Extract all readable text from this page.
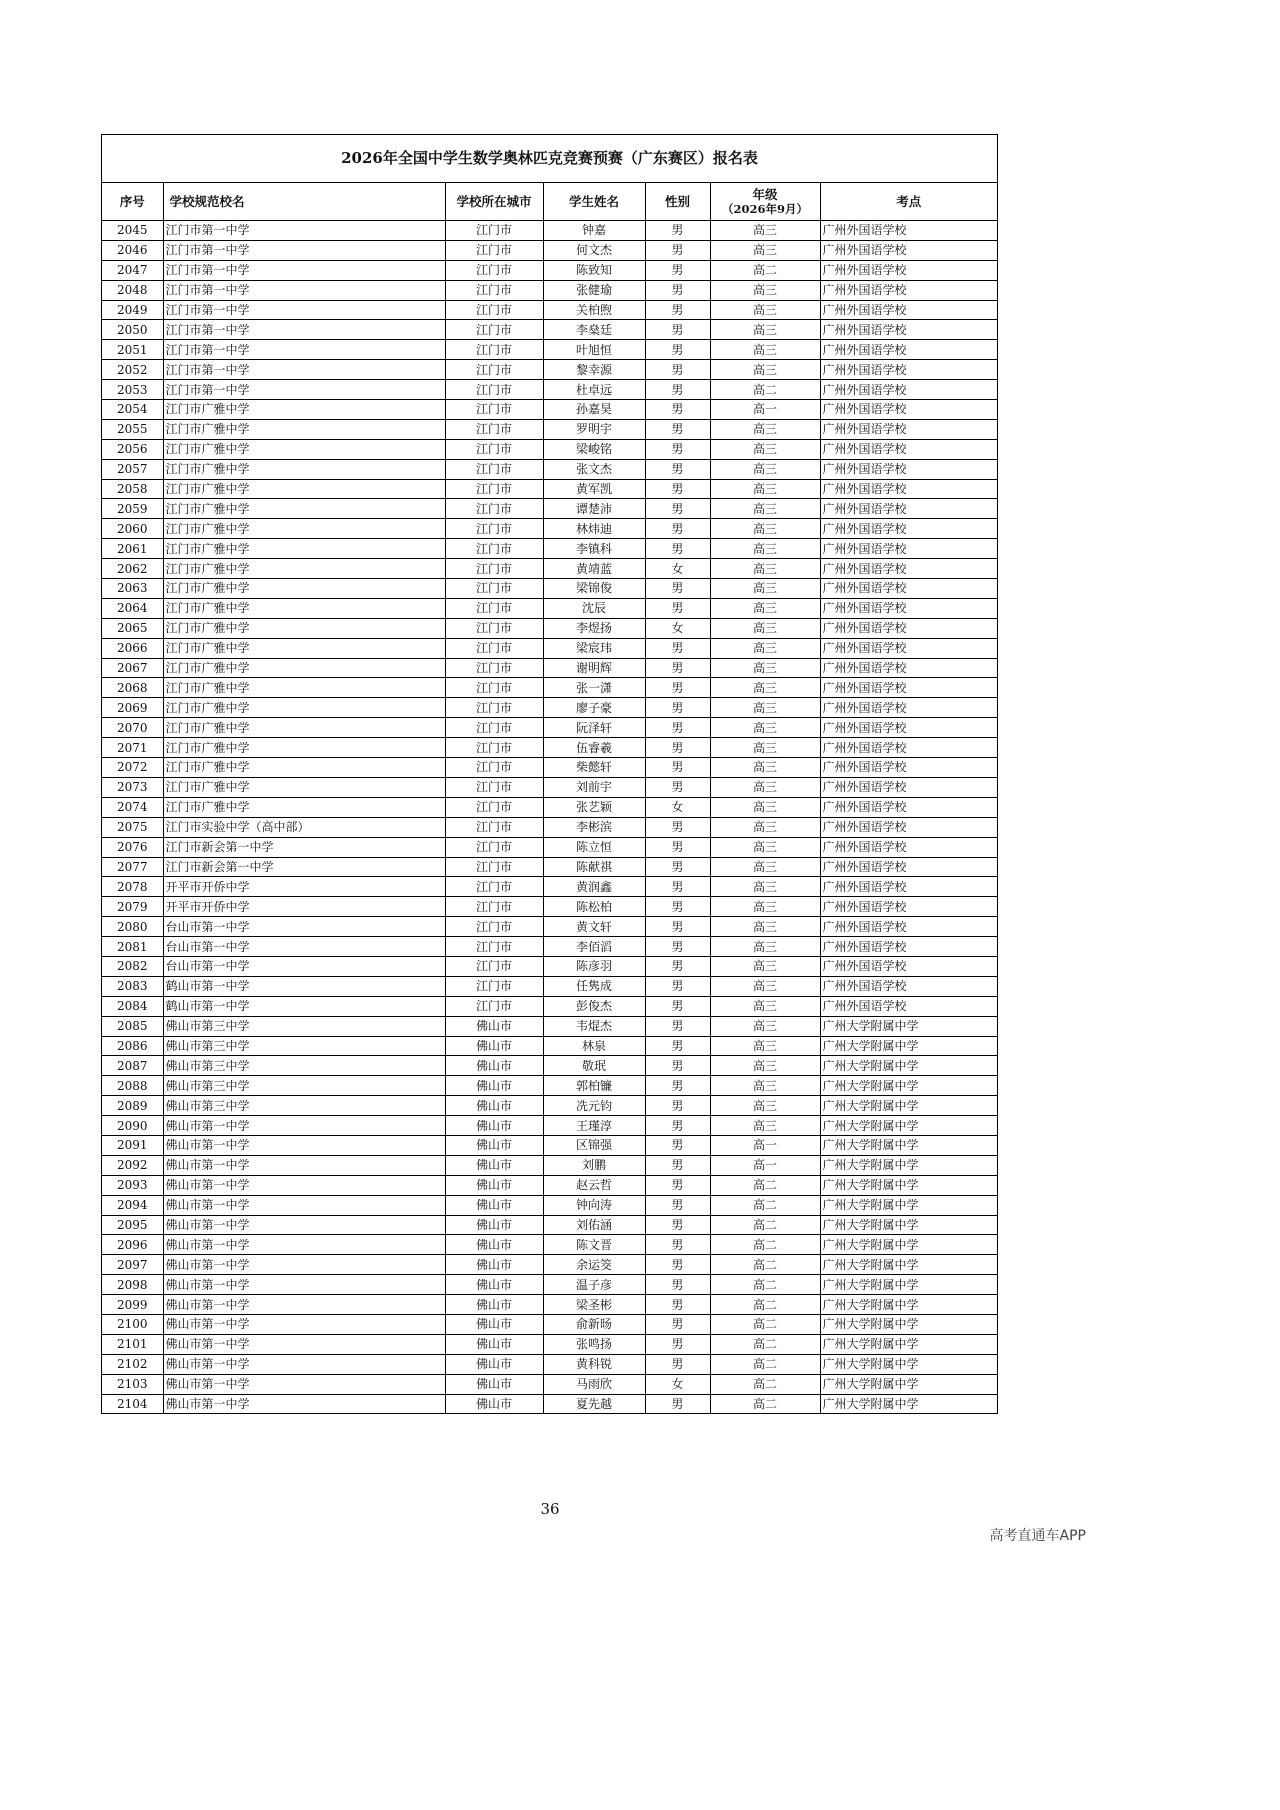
2026年全国中学生数学奥林匹克竞赛预赛（广东赛区）报名表
序号	学校规范校名	学校所在城市	学生姓名	性别	年级
（2026年9月）	考点
2045	江门市第一中学	江门市	钟嘉	男	高三	广州外国语学校
2046	江门市第一中学	江门市	何文杰	男	高三	广州外国语学校
2047	江门市第一中学	江门市	陈致知	男	高二	广州外国语学校
2048	江门市第一中学	江门市	张健瑜	男	高三	广州外国语学校
2049	江门市第一中学	江门市	关柏煦	男	高三	广州外国语学校
2050	江门市第一中学	江门市	李燊廷	男	高三	广州外国语学校
2051	江门市第一中学	江门市	叶旭恒	男	高三	广州外国语学校
2052	江门市第一中学	江门市	黎幸源	男	高三	广州外国语学校
2053	江门市第一中学	江门市	杜卓远	男	高二	广州外国语学校
2054	江门市广雅中学	江门市	孙嘉昊	男	高一	广州外国语学校
2055	江门市广雅中学	江门市	罗明宇	男	高三	广州外国语学校
2056	江门市广雅中学	江门市	梁峻铭	男	高三	广州外国语学校
2057	江门市广雅中学	江门市	张文杰	男	高三	广州外国语学校
2058	江门市广雅中学	江门市	黄军凯	男	高三	广州外国语学校
2059	江门市广雅中学	江门市	谭楚沛	男	高三	广州外国语学校
2060	江门市广雅中学	江门市	林炜迪	男	高三	广州外国语学校
2061	江门市广雅中学	江门市	李镇科	男	高三	广州外国语学校
2062	江门市广雅中学	江门市	黄靖蓝	女	高三	广州外国语学校
2063	江门市广雅中学	江门市	梁锦俊	男	高三	广州外国语学校
2064	江门市广雅中学	江门市	沈辰	男	高三	广州外国语学校
2065	江门市广雅中学	江门市	李煜扬	女	高三	广州外国语学校
2066	江门市广雅中学	江门市	梁宸玮	男	高三	广州外国语学校
2067	江门市广雅中学	江门市	谢明辉	男	高三	广州外国语学校
2068	江门市广雅中学	江门市	张一潇	男	高三	广州外国语学校
2069	江门市广雅中学	江门市	廖子豪	男	高三	广州外国语学校
2070	江门市广雅中学	江门市	阮泽轩	男	高三	广州外国语学校
2071	江门市广雅中学	江门市	伍睿羲	男	高三	广州外国语学校
2072	江门市广雅中学	江门市	柴懿轩	男	高三	广州外国语学校
2073	江门市广雅中学	江门市	刘前宇	男	高三	广州外国语学校
2074	江门市广雅中学	江门市	张艺颖	女	高三	广州外国语学校
2075	江门市实验中学（高中部）	江门市	李彬滨	男	高三	广州外国语学校
2076	江门市新会第一中学	江门市	陈立恒	男	高三	广州外国语学校
2077	江门市新会第一中学	江门市	陈献祺	男	高三	广州外国语学校
2078	开平市开侨中学	江门市	黄润鑫	男	高三	广州外国语学校
2079	开平市开侨中学	江门市	陈松柏	男	高三	广州外国语学校
2080	台山市第一中学	江门市	黄文轩	男	高三	广州外国语学校
2081	台山市第一中学	江门市	李佰滔	男	高三	广州外国语学校
2082	台山市第一中学	江门市	陈彦羽	男	高三	广州外国语学校
2083	鹤山市第一中学	江门市	任隽成	男	高三	广州外国语学校
2084	鹤山市第一中学	江门市	彭俊杰	男	高三	广州外国语学校
2085	佛山市第三中学	佛山市	韦焜杰	男	高三	广州大学附属中学
2086	佛山市第三中学	佛山市	林泉	男	高三	广州大学附属中学
2087	佛山市第三中学	佛山市	敬珉	男	高三	广州大学附属中学
2088	佛山市第三中学	佛山市	郭柏镰	男	高三	广州大学附属中学
2089	佛山市第三中学	佛山市	冼元钧	男	高三	广州大学附属中学
2090	佛山市第一中学	佛山市	王瑾淳	男	高三	广州大学附属中学
2091	佛山市第一中学	佛山市	区锦强	男	高一	广州大学附属中学
2092	佛山市第一中学	佛山市	刘鹏	男	高一	广州大学附属中学
2093	佛山市第一中学	佛山市	赵云哲	男	高二	广州大学附属中学
2094	佛山市第一中学	佛山市	钟向涛	男	高二	广州大学附属中学
2095	佛山市第一中学	佛山市	刘佑涵	男	高二	广州大学附属中学
2096	佛山市第一中学	佛山市	陈文晋	男	高二	广州大学附属中学
2097	佛山市第一中学	佛山市	余运筊	男	高二	广州大学附属中学
2098	佛山市第一中学	佛山市	温子彦	男	高二	广州大学附属中学
2099	佛山市第一中学	佛山市	梁圣彬	男	高二	广州大学附属中学
2100	佛山市第一中学	佛山市	俞新旸	男	高二	广州大学附属中学
2101	佛山市第一中学	佛山市	张鸣扬	男	高二	广州大学附属中学
2102	佛山市第一中学	佛山市	黄科锐	男	高二	广州大学附属中学
2103	佛山市第一中学	佛山市	马雨欣	女	高二	广州大学附属中学
2104	佛山市第一中学	佛山市	夏先越	男	高二	广州大学附属中学
36
高考直通车APP
